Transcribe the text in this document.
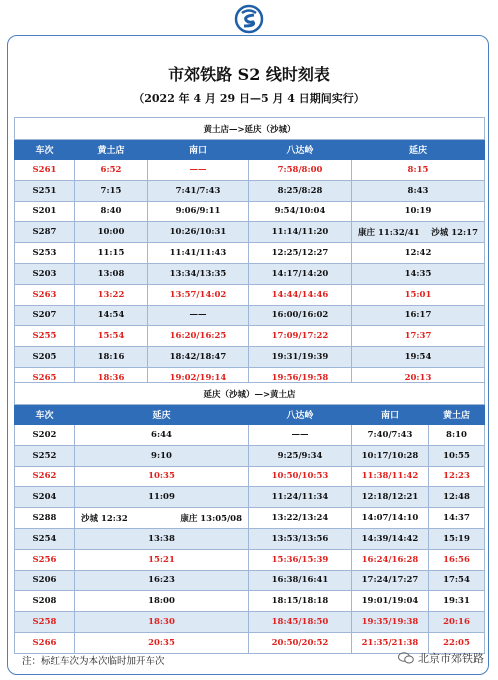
市郊铁路 S2 线时刻表
（2022 年 4 月 29 日—5 月 4 日期间实行）
黄土店—>延庆（沙城）				
车次	黄土店	南口	八达岭	延庆
S261	6:52	——	7:58/8:00	8:15
S251	7:15	7:41/7:43	8:25/8:28	8:43
S201	8:40	9:06/9:11	9:54/10:04	10:19
S287	10:00	10:26/10:31	11:14/11:20	康庄 11:32/41 沙城 12:17

S253	11:15	11:41/11:43	12:25/12:27	12:42
S203	13:08	13:34/13:35	14:17/14:20	14:35
S263	13:22	13:57/14:02	14:44/14:46	15:01
S207	14:54	——	16:00/16:02	16:17
S255	15:54	16:20/16:25	17:09/17:22	17:37
S205	18:16	18:42/18:47	19:31/19:39	19:54
S265	18:36	19:02/19:14	19:56/19:58	20:13
延庆（沙城）—>黄土店				
车次	延庆	八达岭	南口	黄土店
S202	6:44	——	7:40/7:43	8:10
S252	9:10	9:25/9:34	10:17/10:28	10:55
S262	10:35	10:50/10:53	11:38/11:42	12:23
S204	11:09	11:24/11:34	12:18/12:21	12:48
S288	沙城 12:32 康庄 13:05/08	13:22/13:24	14:07/14:10	14:37
S254	13:38	13:53/13:56	14:39/14:42	15:19
S256	15:21	15:36/15:39	16:24/16:28	16:56
S206	16:23	16:38/16:41	17:24/17:27	17:54
S208	18:00	18:15/18:18	19:01/19:04	19:31
S258	18:30	18:45/18:50	19:35/19:38	20:16
S266	20:35	20:50/20:52	21:35/21:38	22:05
注：标红车次为本次临时加开车次	北京市郊铁路
